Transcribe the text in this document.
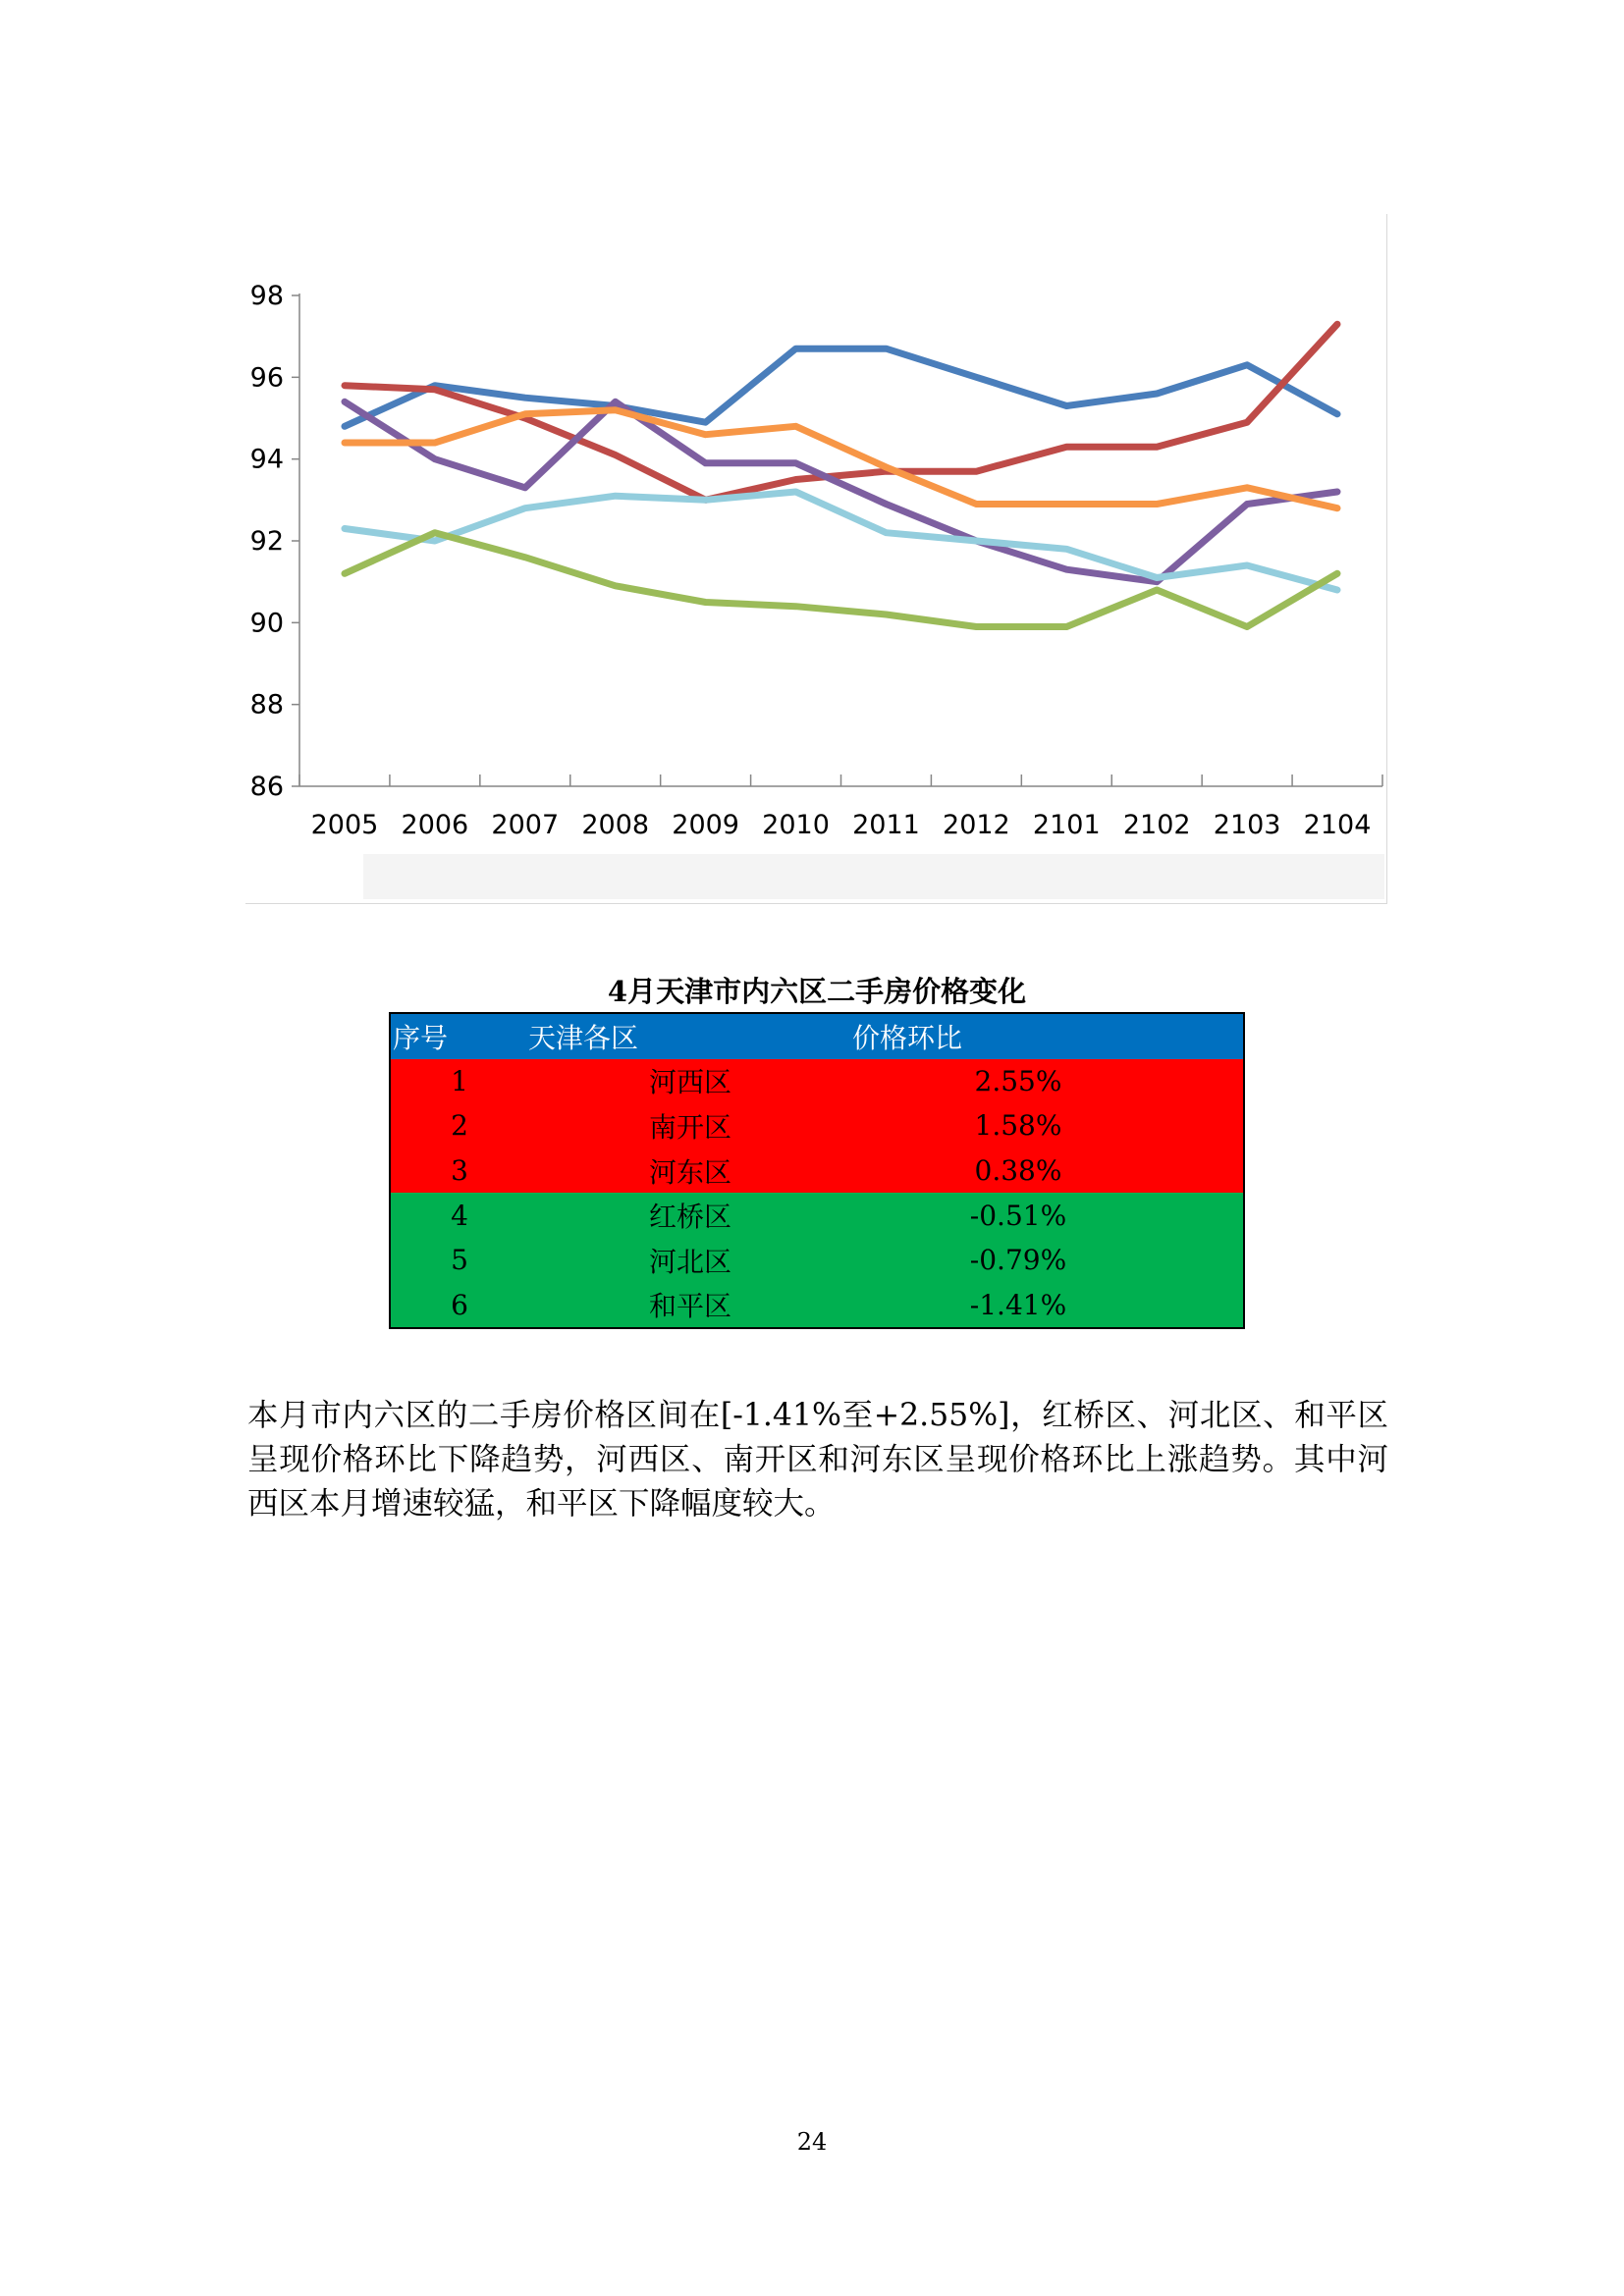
86
88
90
92
94
96
98
2005 2006 2007 2008 2009 2010 2011 2012 2101 2102 2103 2104
4月天津市内六区二手房价格变化
序号	天津各区	价格环比
1	河西区	2.55%
2	南开区	1.58%
3	河东区	0.38%
4	红桥区	-0.51%
5	河北区	-0.79%
6	和平区	-1.41%
本月市内六区的二手房价格区间在[-1.41%至+2.55%]，红桥区、河北区、和平区呈现价格环比下降趋势，河西区、南开区和河东区呈现价格环比上涨趋势。其中河西区本月增速较猛，和平区下降幅度较大。
24
